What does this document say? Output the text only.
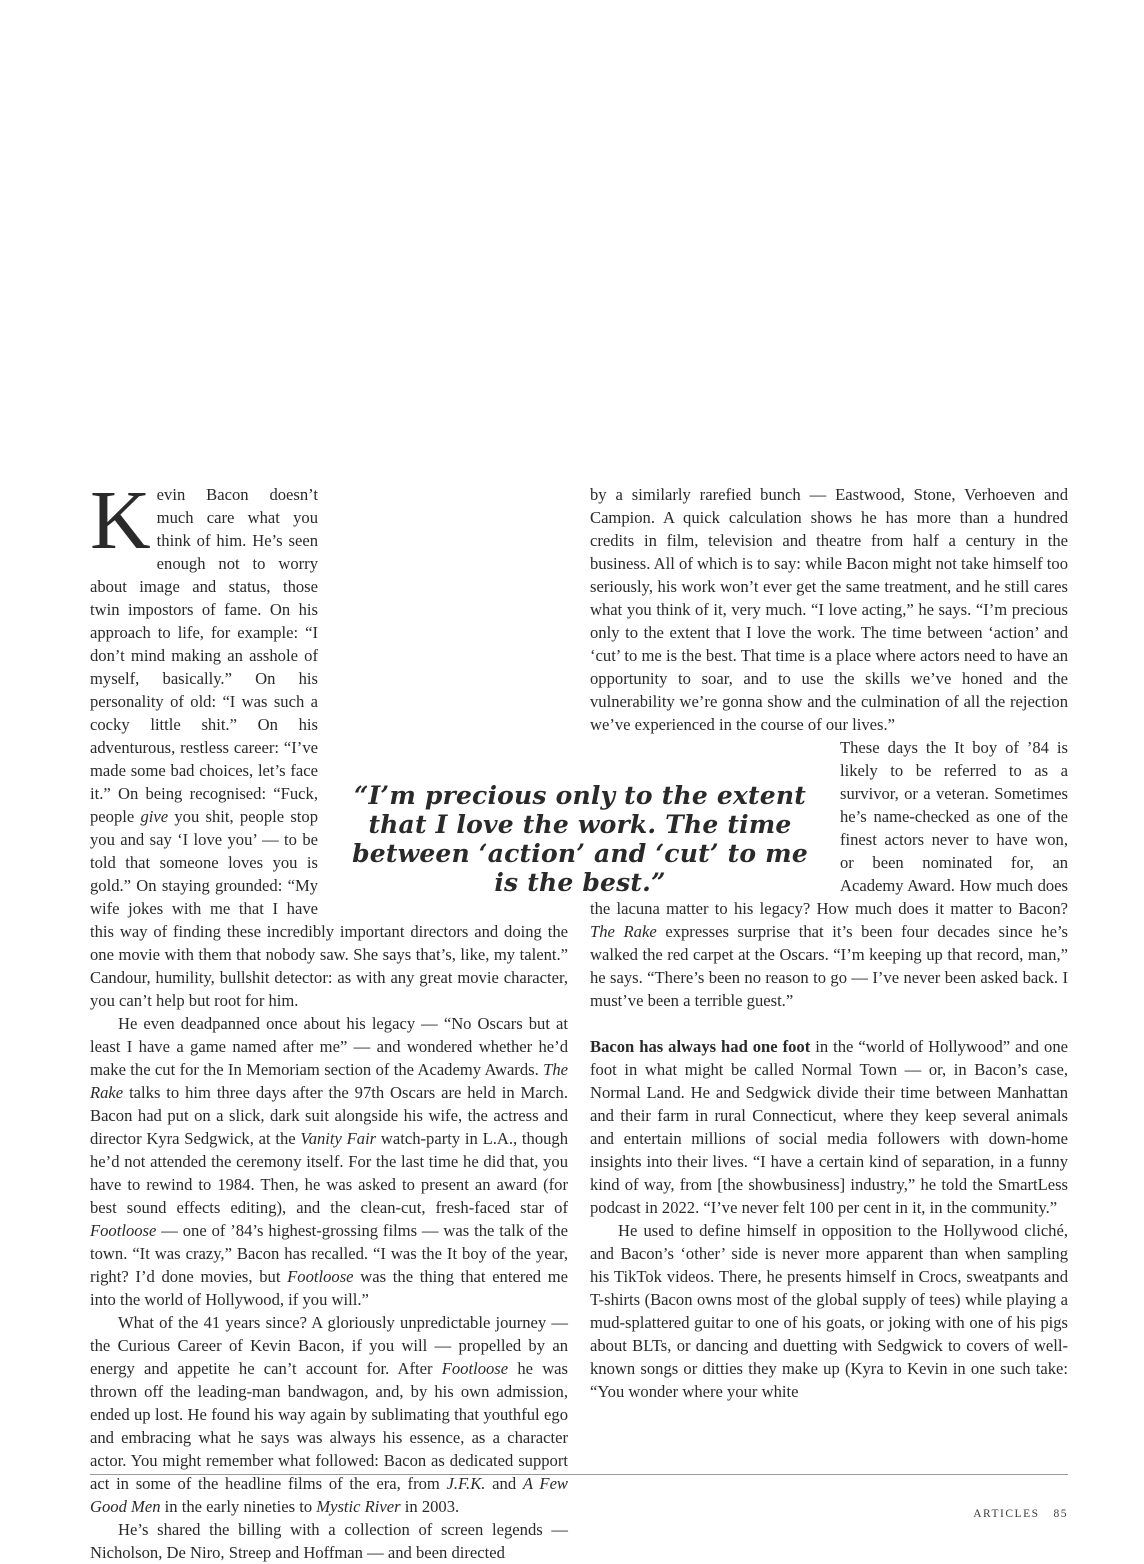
Kevin Bacon doesn’t much care what you think of him. He’s seen enough not to worry about image and status, those twin impostors of fame. On his approach to life, for example: “I don’t mind making an asshole of myself, basically.” On his personality of old: “I was such a cocky little shit.” On his adventurous, restless career: “I’ve made some bad choices, let’s face it.” On being recognised: “Fuck, people give you shit, people stop you and say ‘I love you’ — to be told that someone loves you is gold.” On staying grounded: “My wife jokes with me that I have this way of finding these incredibly important directors and doing the one movie with them that nobody saw. She says that’s, like, my talent.” Candour, humility, bullshit detector: as with any great movie character, you can’t help but root for him.

He even deadpanned once about his legacy — “No Oscars but at least I have a game named after me” — and wondered whether he’d make the cut for the In Memoriam section of the Academy Awards. The Rake talks to him three days after the 97th Oscars are held in March. Bacon had put on a slick, dark suit alongside his wife, the actress and director Kyra Sedgwick, at the Vanity Fair watch-party in L.A., though he’d not attended the ceremony itself. For the last time he did that, you have to rewind to 1984. Then, he was asked to present an award (for best sound effects editing), and the clean-cut, fresh-faced star of Footloose — one of ’84’s highest-grossing films — was the talk of the town. “It was crazy,” Bacon has recalled. “I was the It boy of the year, right? I’d done movies, but Footloose was the thing that entered me into the world of Hollywood, if you will.”

What of the 41 years since? A gloriously unpredictable journey — the Curious Career of Kevin Bacon, if you will — propelled by an energy and appetite he can’t account for. After Footloose he was thrown off the leading-man bandwagon, and, by his own admission, ended up lost. He found his way again by sublimating that youthful ego and embracing what he says was always his essence, as a character actor. You might remember what followed: Bacon as dedicated support act in some of the headline films of the era, from J.F.K. and A Few Good Men in the early nineties to Mystic River in 2003.

He’s shared the billing with a collection of screen legends — Nicholson, De Niro, Streep and Hoffman — and been directed

by a similarly rarefied bunch — Eastwood, Stone, Verhoeven and Campion. A quick calculation shows he has more than a hundred credits in film, television and theatre from half a century in the business. All of which is to say: while Bacon might not take himself too seriously, his work won’t ever get the same treatment, and he still cares what you think of it, very much. “I love acting,” he says. “I’m precious only to the extent that I love the work. The time between ‘action’ and ‘cut’ to me is the best. That time is a place where actors need to have an opportunity to soar, and to use the skills we’ve honed and the vulnerability we’re gonna show and the culmination of all the rejection we’ve experienced in the course of our lives.”

These days the It boy of ’84 is likely to be referred to as a survivor, or a veteran. Sometimes he’s name-checked as one of the finest actors never to have won, or been nominated for, an Academy Award. How much does the lacuna matter to his legacy? How much does it matter to Bacon? The Rake expresses surprise that it’s been four decades since he’s walked the red carpet at the Oscars. “I’m keeping up that record, man,” he says. “There’s been no reason to go — I’ve never been asked back. I must’ve been a terrible guest.”

Bacon has always had one foot in the “world of Hollywood” and one foot in what might be called Normal Town — or, in Bacon’s case, Normal Land. He and Sedgwick divide their time between Manhattan and their farm in rural Connecticut, where they keep several animals and entertain millions of social media followers with down-home insights into their lives. “I have a certain kind of separation, in a funny kind of way, from [the showbusiness] industry,” he told the SmartLess podcast in 2022. “I’ve never felt 100 per cent in it, in the community.”

He used to define himself in opposition to the Hollywood cliché, and Bacon’s ‘other’ side is never more apparent than when sampling his TikTok videos. There, he presents himself in Crocs, sweatpants and T-shirts (Bacon owns most of the global supply of tees) while playing a mud-splattered guitar to one of his goats, or joking with one of his pigs about BLTs, or dancing and duetting with Sedgwick to covers of well-known songs or ditties they make up (Kyra to Kevin in one such take: “You wonder where your white

“I’m precious only to the extent that I love the work. The time between ‘action’ and ‘cut’ to me is the best.”
ARTICLES 85
